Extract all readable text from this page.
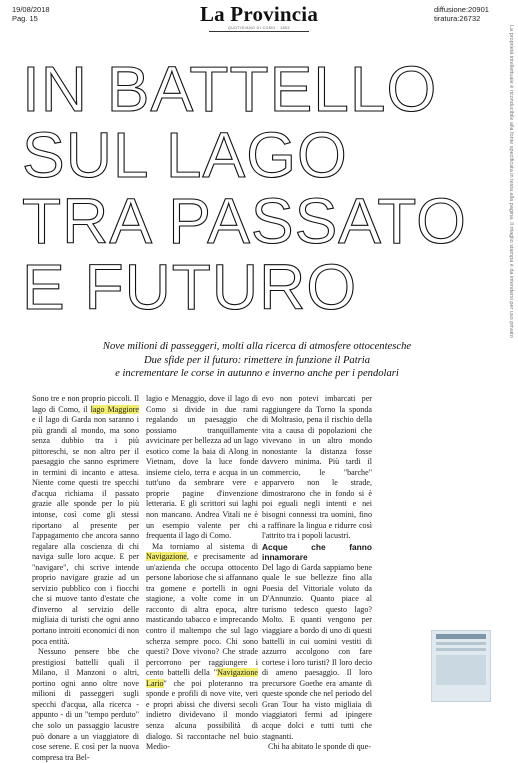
19/08/2018
Pag. 15	La Provincia
QUOTIDIANO DI COMO · 1892
diffusione:20901
tiratura:26732
La proprietà intellettuale è riconducibile alla fonte specificata in testa alla pagina. Il ritaglio stampa è da intendersi per uso privato
IN BATTELLO
SUL LAGO
TRA PASSATO
E FUTURO
Nove milioni di passeggeri, molti alla ricerca di atmosfere ottocentesche
Due sfide per il futuro: rimettere in funzione il Patria
e incrementare le corse in autunno e inverno anche per i pendolari

Sono tre e non proprio piccoli. Il lago di Como, il lago Maggiore e il lago di Garda non saranno i più grandi al mondo, ma sono senza dubbio tra i più pittoreschi, se non altro per il paesaggio che sanno esprimere in termini di incanto e attesa. Niente come questi tre specchi d'acqua richiama il passato grazie alle sponde per lo più intonse, così come gli stessi riportano al presente per l'appagamento che ancora sanno regalare alla coscienza di chi naviga sulle loro acque. E per "navigare", chi scrive intende proprio navigare grazie ad un servizio pubblico con i fiocchi che si muove tanto d'estate che d'inverno al servizio delle migliaia di turisti che ogni anno portano introiti economici di non poca entità.

Nessuno pensere bbe che prestigiosi battelli quali il Milano, il Manzoni o altri, portino ogni anno oltre nove milioni di passeggeri sugli specchi d'acqua, alla ricerca - appunto - di un "tempo perduto" che solo un passaggio lacustre può donare a un viaggiatore di cose serene. E così per la nuova compresa tra Bel-

lagio e Menaggio, dove il lago di Como si divide in due rami regalando un paesaggio che possiamo tranquillamente avvicinare per bellezza ad un lago esotico come la baia di Along in Vietnam, dove la luce fonde insieme cielo, terra e acqua in un tutt'uno da sembrare vere e proprie pagine d'invenzione letteraria. E gli scrittori sui laghi non mancano. Andrea Vitali ne è un esempio valente per chi frequenta il lago di Como.

Ma torniamo al sistema di Navigazione, e precisamente ad un'azienda che occupa ottocento persone laboriose che si affannano tra gomene e portelli in ogni stagione, a volte come in un racconto di altra epoca, altre masticando tabacco e imprecando contro il maltempo che sul lago scherza sempre poco. Chi sono questi? Dove vivono? Che strade percorrono per raggiungere i cento battelli della "Navigazione Lario" che poi ploteranno tra sponde e profili di nove vite, veri e propri abissi che diversi secoli indietro dividevano il mondo senza alcuna possibilità di dialogo. Sì raccontache nel buio Medio-

evo non potevi imbarcati per raggiungere da Torno la sponda di Moltrasio, pena il rischio della vita a causa di popolazioni che vivevano in un altro mondo nonostante la distanza fosse davvero minima. Più tardi il commercio, le "barche" apparvero non le strade, dimostrarono che in fondo si è poi eguali negli intenti e nei bisogni connessi tra uomini, fino a raffinare la lingua e ridurre così l'attrito tra i popoli lacustri.

Acque che fanno innamorare

Del lago di Garda sappiamo bene quale le sue bellezze fino alla Poesia del Vittoriale voluto da D'Annunzio. Quanto piace al turismo tedesco questo lago? Molto. E quanti vengono per viaggiare a bordo di uno di questi battelli in cui uomini vestiti di azzurro accolgono con fare cortese i loro turisti? Il loro decio di ameno paesaggio. Il loro precursore Goethe era amante di queste sponde che nel periodo del Gran Tour ha visto migliaia di viaggiatori fermi ad ipingere acque dolci e tutti tutti che stagnanti.

Chi ha abitato le sponde di que-
